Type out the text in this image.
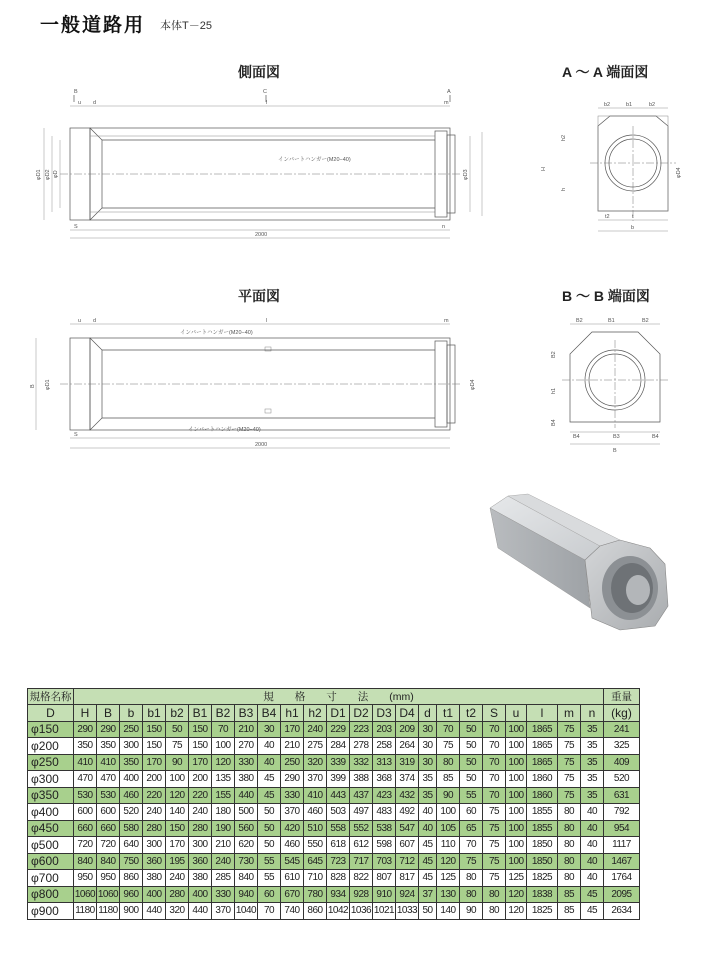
一般道路用 本体T－25
側面図	A ～ A 端面図
平面図	B ～ B 端面図
B	A
C
u d	l	m
φD1 φD2 φD	φD3
インバートハンガー(M20−40)
S	n
2000
b2	b1	b2
H
h2
h
φD4
t2	t
b
u d	l	m
インバートハンガー(M20−40)
インバートハンガー(M20−40)
B φD1	φD4
S
2000
B2	B1	B2
B2
h1
B4
B4	B3	B4
B
規格名称	規　　格　　寸　　法　　(mm)																							重量
D	H	B	b	b1	b2	B1	B2	B3	B4	h1	h2	D1	D2	D3	D4	d	t1	t2	S	u	l	m	n	(kg)
φ150	290	290	250	150	50	150	70	210	30	170	240	229	223	203	209	30	70	50	70	100	1865	75	35	241
φ200	350	350	300	150	75	150	100	270	40	210	275	284	278	258	264	30	75	50	70	100	1865	75	35	325
φ250	410	410	350	170	90	170	120	330	40	250	320	339	332	313	319	30	80	50	70	100	1865	75	35	409
φ300	470	470	400	200	100	200	135	380	45	290	370	399	388	368	374	35	85	50	70	100	1860	75	35	520
φ350	530	530	460	220	120	220	155	440	45	330	410	443	437	423	432	35	90	55	70	100	1860	75	35	631
φ400	600	600	520	240	140	240	180	500	50	370	460	503	497	483	492	40	100	60	75	100	1855	80	40	792
φ450	660	660	580	280	150	280	190	560	50	420	510	558	552	538	547	40	105	65	75	100	1855	80	40	954
φ500	720	720	640	300	170	300	210	620	50	460	550	618	612	598	607	45	110	70	75	100	1850	80	40	1117
φ600	840	840	750	360	195	360	240	730	55	545	645	723	717	703	712	45	120	75	75	100	1850	80	40	1467
φ700	950	950	860	380	240	380	285	840	55	610	710	828	822	807	817	45	125	80	75	125	1825	80	40	1764
φ800	1060	1060	960	400	280	400	330	940	60	670	780	934	928	910	924	37	130	80	80	120	1838	85	45	2095
φ900	1180	1180	900	440	320	440	370	1040	70	740	860	1042	1036	1021	1033	50	140	90	80	120	1825	85	45	2634
